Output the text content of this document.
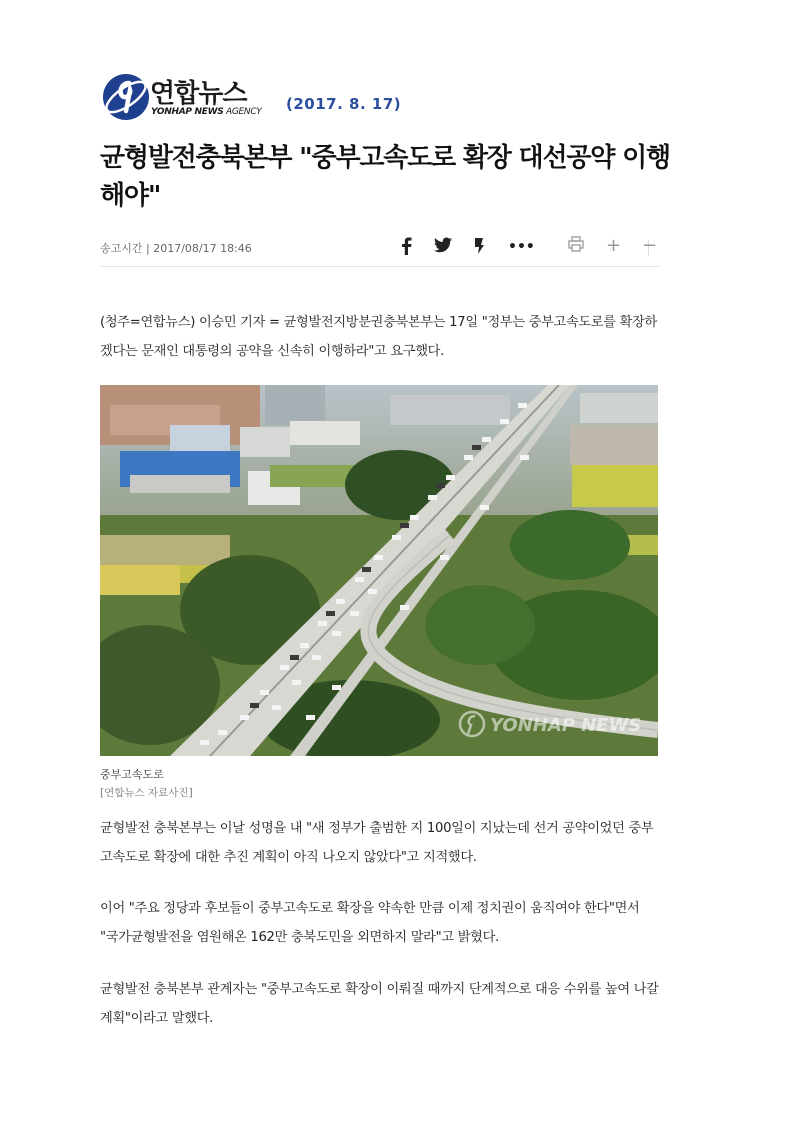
연합뉴스
YONHAP NEWS AGENCY (2017. 8. 17)
균형발전충북본부 "중부고속도로 확장 대선공약 이행해야"
송고시간 | 2017/08/17 18:46	•••	+ −

(청주=연합뉴스) 이승민 기자 = 균형발전지방분권충북본부는 17일 "정부는 중부고속도로를 확장하겠다는 문재인 대통령의 공약을 신속히 이행하라"고 요구했다.

YONHAP NEWS
중부고속도로
[연합뉴스 자료사진]

균형발전 충북본부는 이날 성명을 내 "새 정부가 출범한 지 100일이 지났는데 선거 공약이었던 중부고속도로 확장에 대한 추진 계획이 아직 나오지 않았다"고 지적했다.

이어 "주요 정당과 후보들이 중부고속도로 확장을 약속한 만큼 이제 정치권이 움직여야 한다"면서 "국가균형발전을 염원해온 162만 충북도민을 외면하지 말라"고 밝혔다.

균형발전 충북본부 관계자는 "중부고속도로 확장이 이뤄질 때까지 단계적으로 대응 수위를 높여 나갈 계획"이라고 말했다.
